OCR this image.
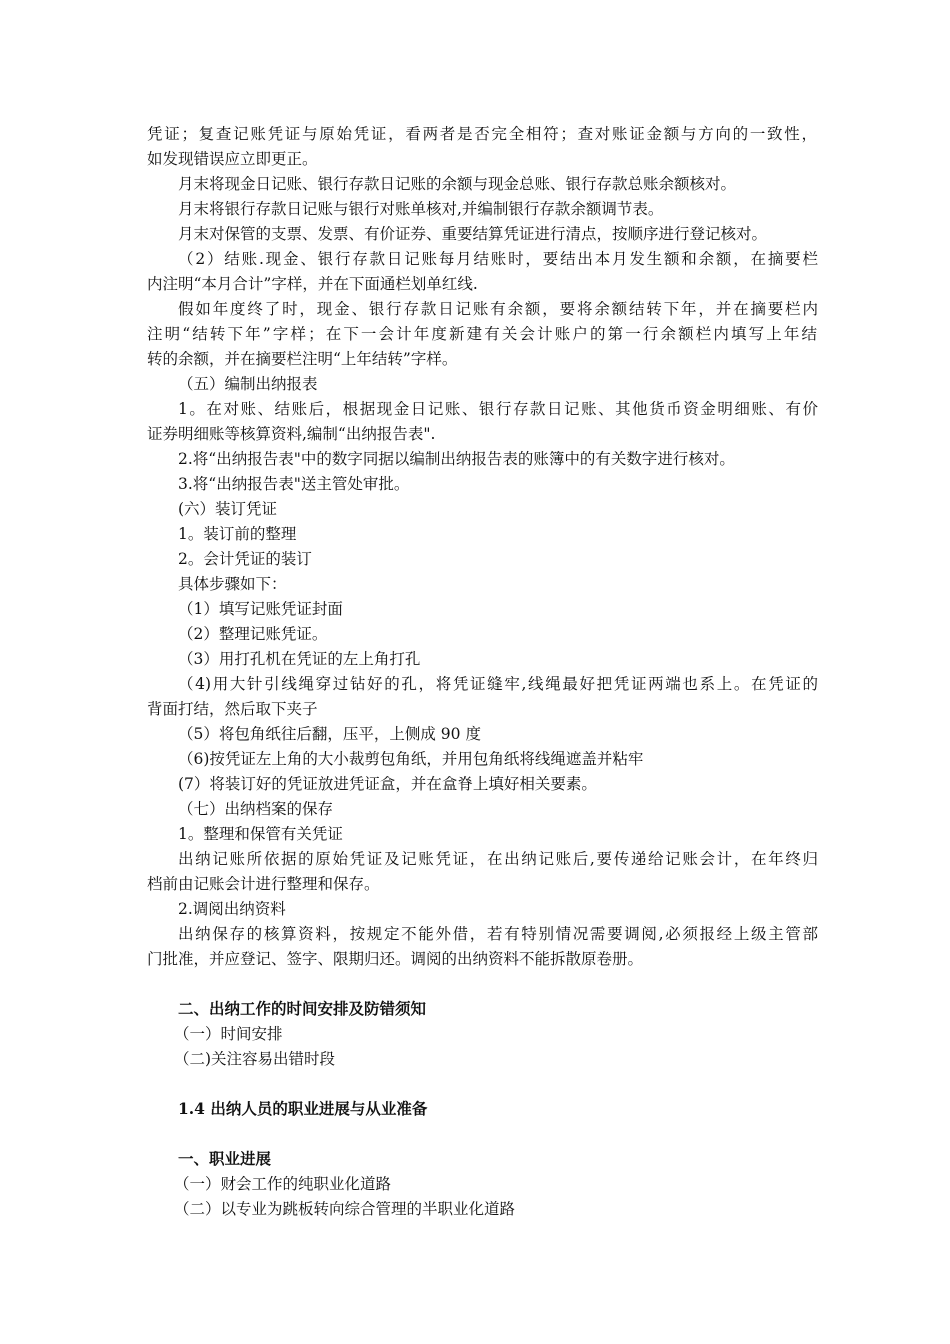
凭证；复查记账凭证与原始凭证，看两者是否完全相符；查对账证金额与方向的一致性，
如发现错误应立即更正。
月末将现金日记账、银行存款日记账的余额与现金总账、银行存款总账余额核对。
月末将银行存款日记账与银行对账单核对,并编制银行存款余额调节表。
月末对保管的支票、发票、有价证券、重要结算凭证进行清点，按顺序进行登记核对。
（2）结账.现金、银行存款日记账每月结账时，要结出本月发生额和余额，在摘要栏
内注明“本月合计”字样，并在下面通栏划单红线.
假如年度终了时，现金、银行存款日记账有余额，要将余额结转下年，并在摘要栏内
注明“结转下年”字样；在下一会计年度新建有关会计账户的第一行余额栏内填写上年结
转的余额，并在摘要栏注明“上年结转”字样。
（五）编制出纳报表
1。在对账、结账后，根据现金日记账、银行存款日记账、其他货币资金明细账、有价
证券明细账等核算资料,编制“出纳报告表".
2.将“出纳报告表"中的数字同据以编制出纳报告表的账簿中的有关数字进行核对。
3.将“出纳报告表"送主管处审批。
(六）装订凭证
1。装订前的整理
2。会计凭证的装订
具体步骤如下：
（1）填写记账凭证封面
（2）整理记账凭证。
（3）用打孔机在凭证的左上角打孔
（4)用大针引线绳穿过钻好的孔，将凭证缝牢,线绳最好把凭证两端也系上。在凭证的
背面打结，然后取下夹子
（5）将包角纸往后翻，压平，上侧成 90 度
（6)按凭证左上角的大小裁剪包角纸，并用包角纸将线绳遮盖并粘牢
(7）将装订好的凭证放进凭证盒，并在盒脊上填好相关要素。
（七）出纳档案的保存
1。整理和保管有关凭证
出纳记账所依据的原始凭证及记账凭证，在出纳记账后,要传递给记账会计，在年终归
档前由记账会计进行整理和保存。
2.调阅出纳资料
出纳保存的核算资料，按规定不能外借，若有特别情况需要调阅,必须报经上级主管部
门批准，并应登记、签字、限期归还。调阅的出纳资料不能拆散原卷册。
二、出纳工作的时间安排及防错须知
（一）时间安排
（二)关注容易出错时段
1.4 出纳人员的职业进展与从业准备
一、职业进展
（一）财会工作的纯职业化道路
（二）以专业为跳板转向综合管理的半职业化道路
